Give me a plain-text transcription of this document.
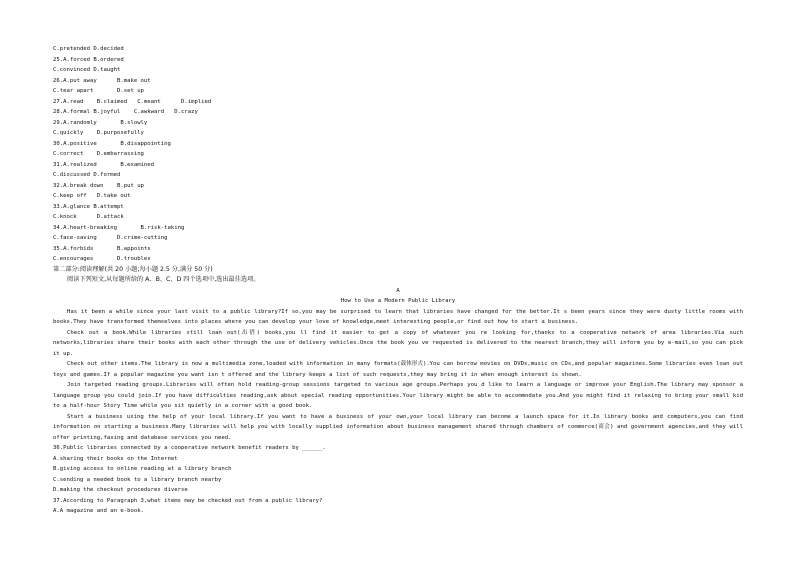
C.pretended D.decided
25.A.forced B.ordered
C.convinced D.taught
26.A.put away      B.make out
C.tear apart       D.set up
27.A.read    B.claimed   C.meant      D.implied
28.A.formal B.joyful    C.awkward   D.crazy
29.A.randomly       B.slowly
C.quickly    D.purposefully
30.A.positive       B.disappointing
C.correct    D.embarrassing
31.A.realized       B.examined
C.discussed D.formed
32.A.break down    B.put up
C.keep off   D.take out
33.A.glance B.attempt
C.knock      D.attack
34.A.heart-breaking       B.risk-taking
C.face-saving      D.crime-cutting
35.A.forbids       B.appoints
C.encourages       D.troubles
第二部分:阅读理解(共 20 小题;每小题 2.5 分,满分 50 分)
阅读下列短文,从每题所给的 A、B、C、D 四个选项中,选出最佳选项。
A
How to Use a Modern Public Library
Has it been a while since your last visit to a public library?If so,you may be surprised to learn that libraries have changed for the better.It s been years since they were dusty little rooms with books.They have transformed themselves into places where you can develop your love of knowledge,meet interesting people,or find out how to start a business.
Check out a book.While libraries still loan out(出借) books,you ll find it easier to get a copy of whatever you re looking for,thanks to a cooperative network of area libraries.Via such networks,libraries share their books with each other through the use of delivery vehicles.Once the book you ve requested is delivered to the nearest branch,they will inform you by e-mail,so you can pick it up.
Check out other items.The library is now a multimedia zone,loaded with information in many formats(载体形式).You can borrow movies on DVDs,music on CDs,and popular magazines.Some libraries even loan out toys and games.If a popular magazine you want isn t offered and the library keeps a list of such requests,they may bring it in when enough interest is shown.
Join targeted reading groups.Libraries will often hold reading-group sessions targeted to various age groups.Perhaps you d like to learn a language or improve your English.The library may sponsor a language group you could join.If you have difficulties reading,ask about special reading opportunities.Your library might be able to accommodate you.And you might find it relaxing to bring your small kid to a half-hour Story Time while you sit quietly in a corner with a good book.
Start a business using the help of your local library.If you want to have a business of your own,your local library can become a launch space for it.In library books and computers,you can find information on starting a business.Many libraries will help you with locally supplied information about business management shared through chambers of commerce(商会) and government agencies,and they will offer printing,faxing and database services you need.
36.Public libraries connected by a cooperative network benefit readers by ______.
A.sharing their books on the Internet
B.giving access to online reading at a library branch
C.sending a needed book to a library branch nearby
D.making the checkout procedures diverse
37.According to Paragraph 3,what items may be checked out from a public library?
A.A magazine and an e-book.
